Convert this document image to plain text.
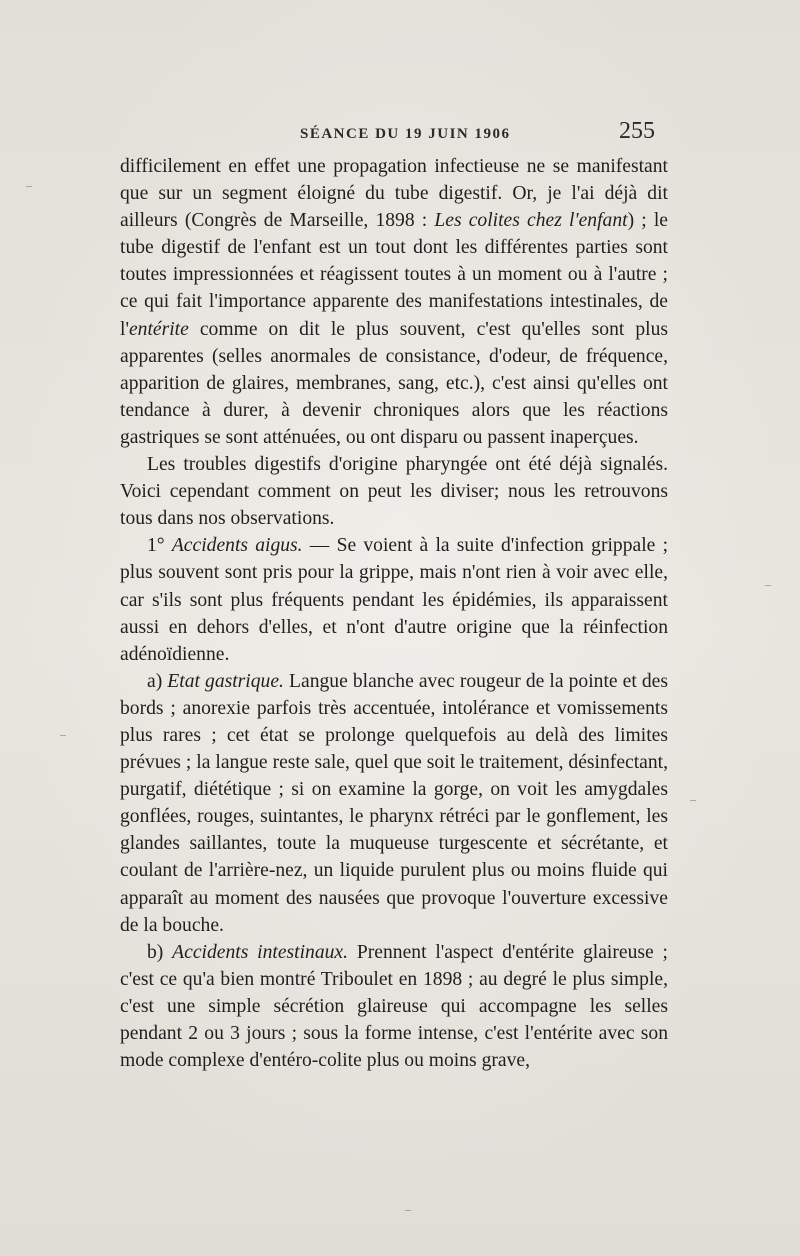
SÉANCE DU 19 JUIN 1906	255

difficilement en effet une propagation infectieuse ne se manifestant que sur un segment éloigné du tube digestif. Or, je l'ai déjà dit ailleurs (Congrès de Marseille, 1898 : Les colites chez l'enfant) ; le tube digestif de l'enfant est un tout dont les différentes parties sont toutes impressionnées et réagissent toutes à un moment ou à l'autre ; ce qui fait l'importance apparente des manifestations intestinales, de l'entérite comme on dit le plus souvent, c'est qu'elles sont plus apparentes (selles anormales de consistance, d'odeur, de fréquence, apparition de glaires, membranes, sang, etc.), c'est ainsi qu'elles ont tendance à durer, à devenir chroniques alors que les réactions gastriques se sont atténuées, ou ont disparu ou passent inaperçues.

Les troubles digestifs d'origine pharyngée ont été déjà signalés. Voici cependant comment on peut les diviser; nous les retrouvons tous dans nos observations.

1° Accidents aigus. — Se voient à la suite d'infection grippale ; plus souvent sont pris pour la grippe, mais n'ont rien à voir avec elle, car s'ils sont plus fréquents pendant les épidémies, ils apparaissent aussi en dehors d'elles, et n'ont d'autre origine que la réinfection adénoïdienne.

a) Etat gastrique. Langue blanche avec rougeur de la pointe et des bords ; anorexie parfois très accentuée, intolérance et vomissements plus rares ; cet état se prolonge quelquefois au delà des limites prévues ; la langue reste sale, quel que soit le traitement, désinfectant, purgatif, diététique ; si on examine la gorge, on voit les amygdales gonflées, rouges, suintantes, le pharynx rétréci par le gonflement, les glandes saillantes, toute la muqueuse turgescente et sécrétante, et coulant de l'arrière-nez, un liquide purulent plus ou moins fluide qui apparaît au moment des nausées que provoque l'ouverture excessive de la bouche.

b) Accidents intestinaux. Prennent l'aspect d'entérite glaireuse ; c'est ce qu'a bien montré Triboulet en 1898 ; au degré le plus simple, c'est une simple sécrétion glaireuse qui accompagne les selles pendant 2 ou 3 jours ; sous la forme intense, c'est l'entérite avec son mode complexe d'entéro-colite plus ou moins grave,
